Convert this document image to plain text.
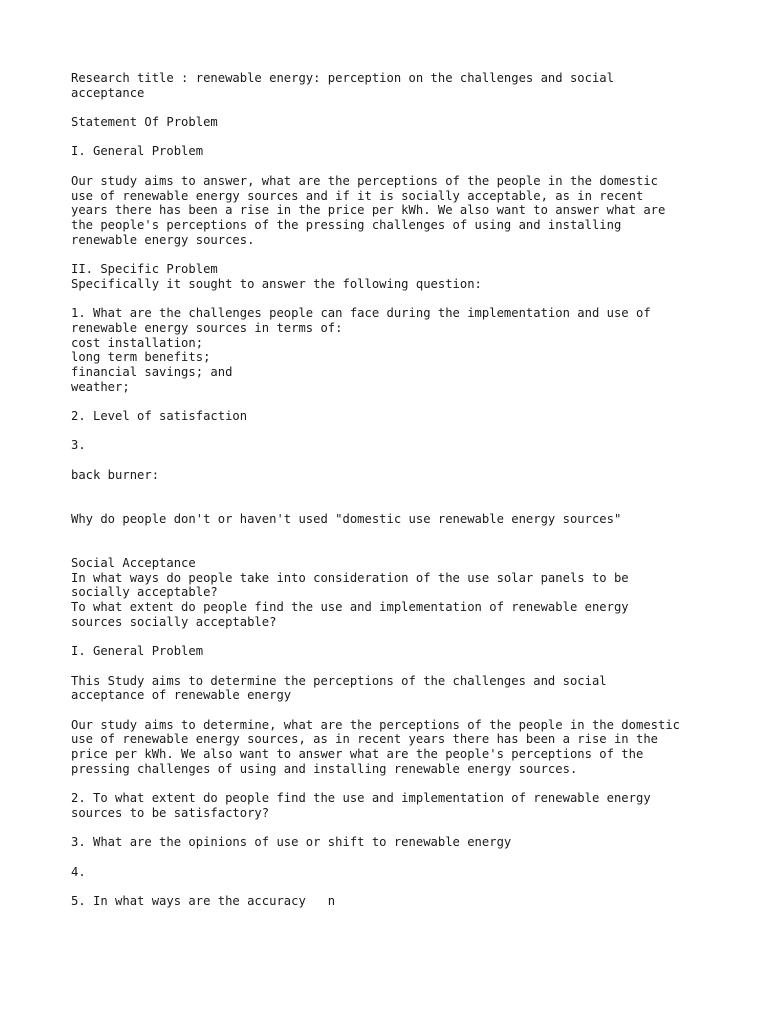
Research title : renewable energy: perception on the challenges and social
acceptance
Statement Of Problem
I. General Problem
Our study aims to answer, what are the perceptions of the people in the domestic
use of renewable energy sources and if it is socially acceptable, as in recent
years there has been a rise in the price per kWh. We also want to answer what are
the people's perceptions of the pressing challenges of using and installing
renewable energy sources.
II. Specific Problem
Specifically it sought to answer the following question:
1. What are the challenges people can face during the implementation and use of
renewable energy sources in terms of:
cost installation;
long term benefits;
financial savings; and
weather;
2. Level of satisfaction
3.
back burner:
Why do people don't or haven't used "domestic use renewable energy sources"
Social Acceptance
In what ways do people take into consideration of the use solar panels to be
socially acceptable?
To what extent do people find the use and implementation of renewable energy
sources socially acceptable?
I. General Problem
This Study aims to determine the perceptions of the challenges and social
acceptance of renewable energy
Our study aims to determine, what are the perceptions of the people in the domestic
use of renewable energy sources, as in recent years there has been a rise in the
price per kWh. We also want to answer what are the people's perceptions of the
pressing challenges of using and installing renewable energy sources.
2. To what extent do people find the use and implementation of renewable energy
sources to be satisfactory?
3. What are the opinions of use or shift to renewable energy
4.
5. In what ways are the accuracy   n
